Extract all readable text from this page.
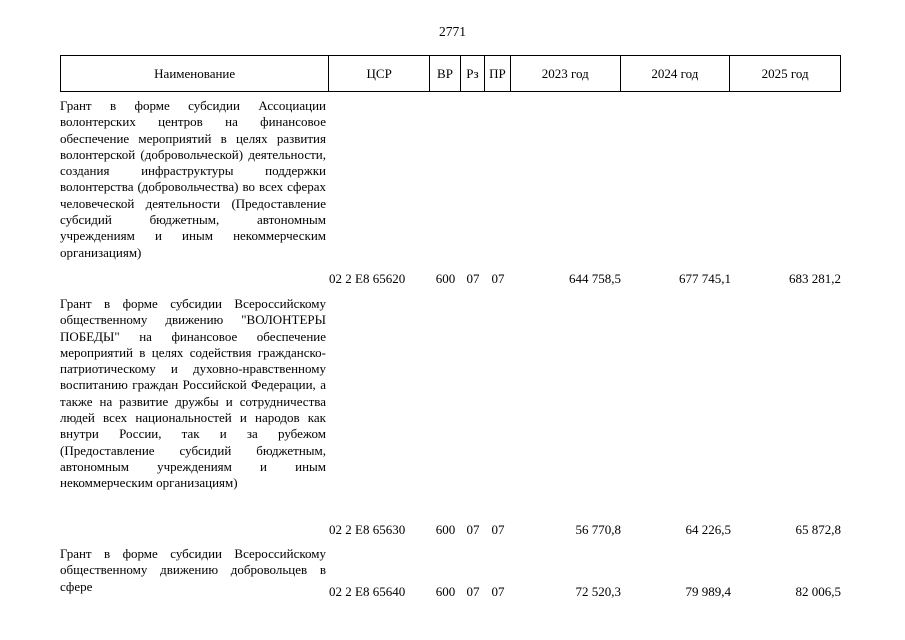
2771
Наименование	ЦСР	ВР	Рз ПР	2023 год	2024 год	2025 год
Грант в форме субсидии Ассоциации волонтерских центров на финансовое обеспечение мероприятий в целях развития волонтерской (добровольческой) деятельности, создания инфраструктуры поддержки волонтерства (добровольчества) во всех сферах человеческой деятельности (Предоставление субсидий бюджетным, автономным учреждениям и иным некоммерческим организациям)
02 2 Е8 65620	600 07 07	644 758,5	677 745,1	683 281,2
Грант в форме субсидии Всероссийскому общественному движению "ВОЛОНТЕРЫ ПОБЕДЫ" на финансовое обеспечение мероприятий в целях содействия гражданско-патриотическому и духовно-нравственному воспитанию граждан Российской Федерации, а также на развитие дружбы и сотрудничества людей всех национальностей и народов как внутри России, так и за рубежом (Предоставление субсидий бюджетным, автономным учреждениям и иным некоммерческим организациям)
02 2 Е8 65630	600 07 07	56 770,8	64 226,5	65 872,8
Грант в форме субсидии Всероссийскому общественному движению добровольцев в сфере	02 2 Е8 65640	600 07 07	72 520,3	79 989,4	82 006,5
